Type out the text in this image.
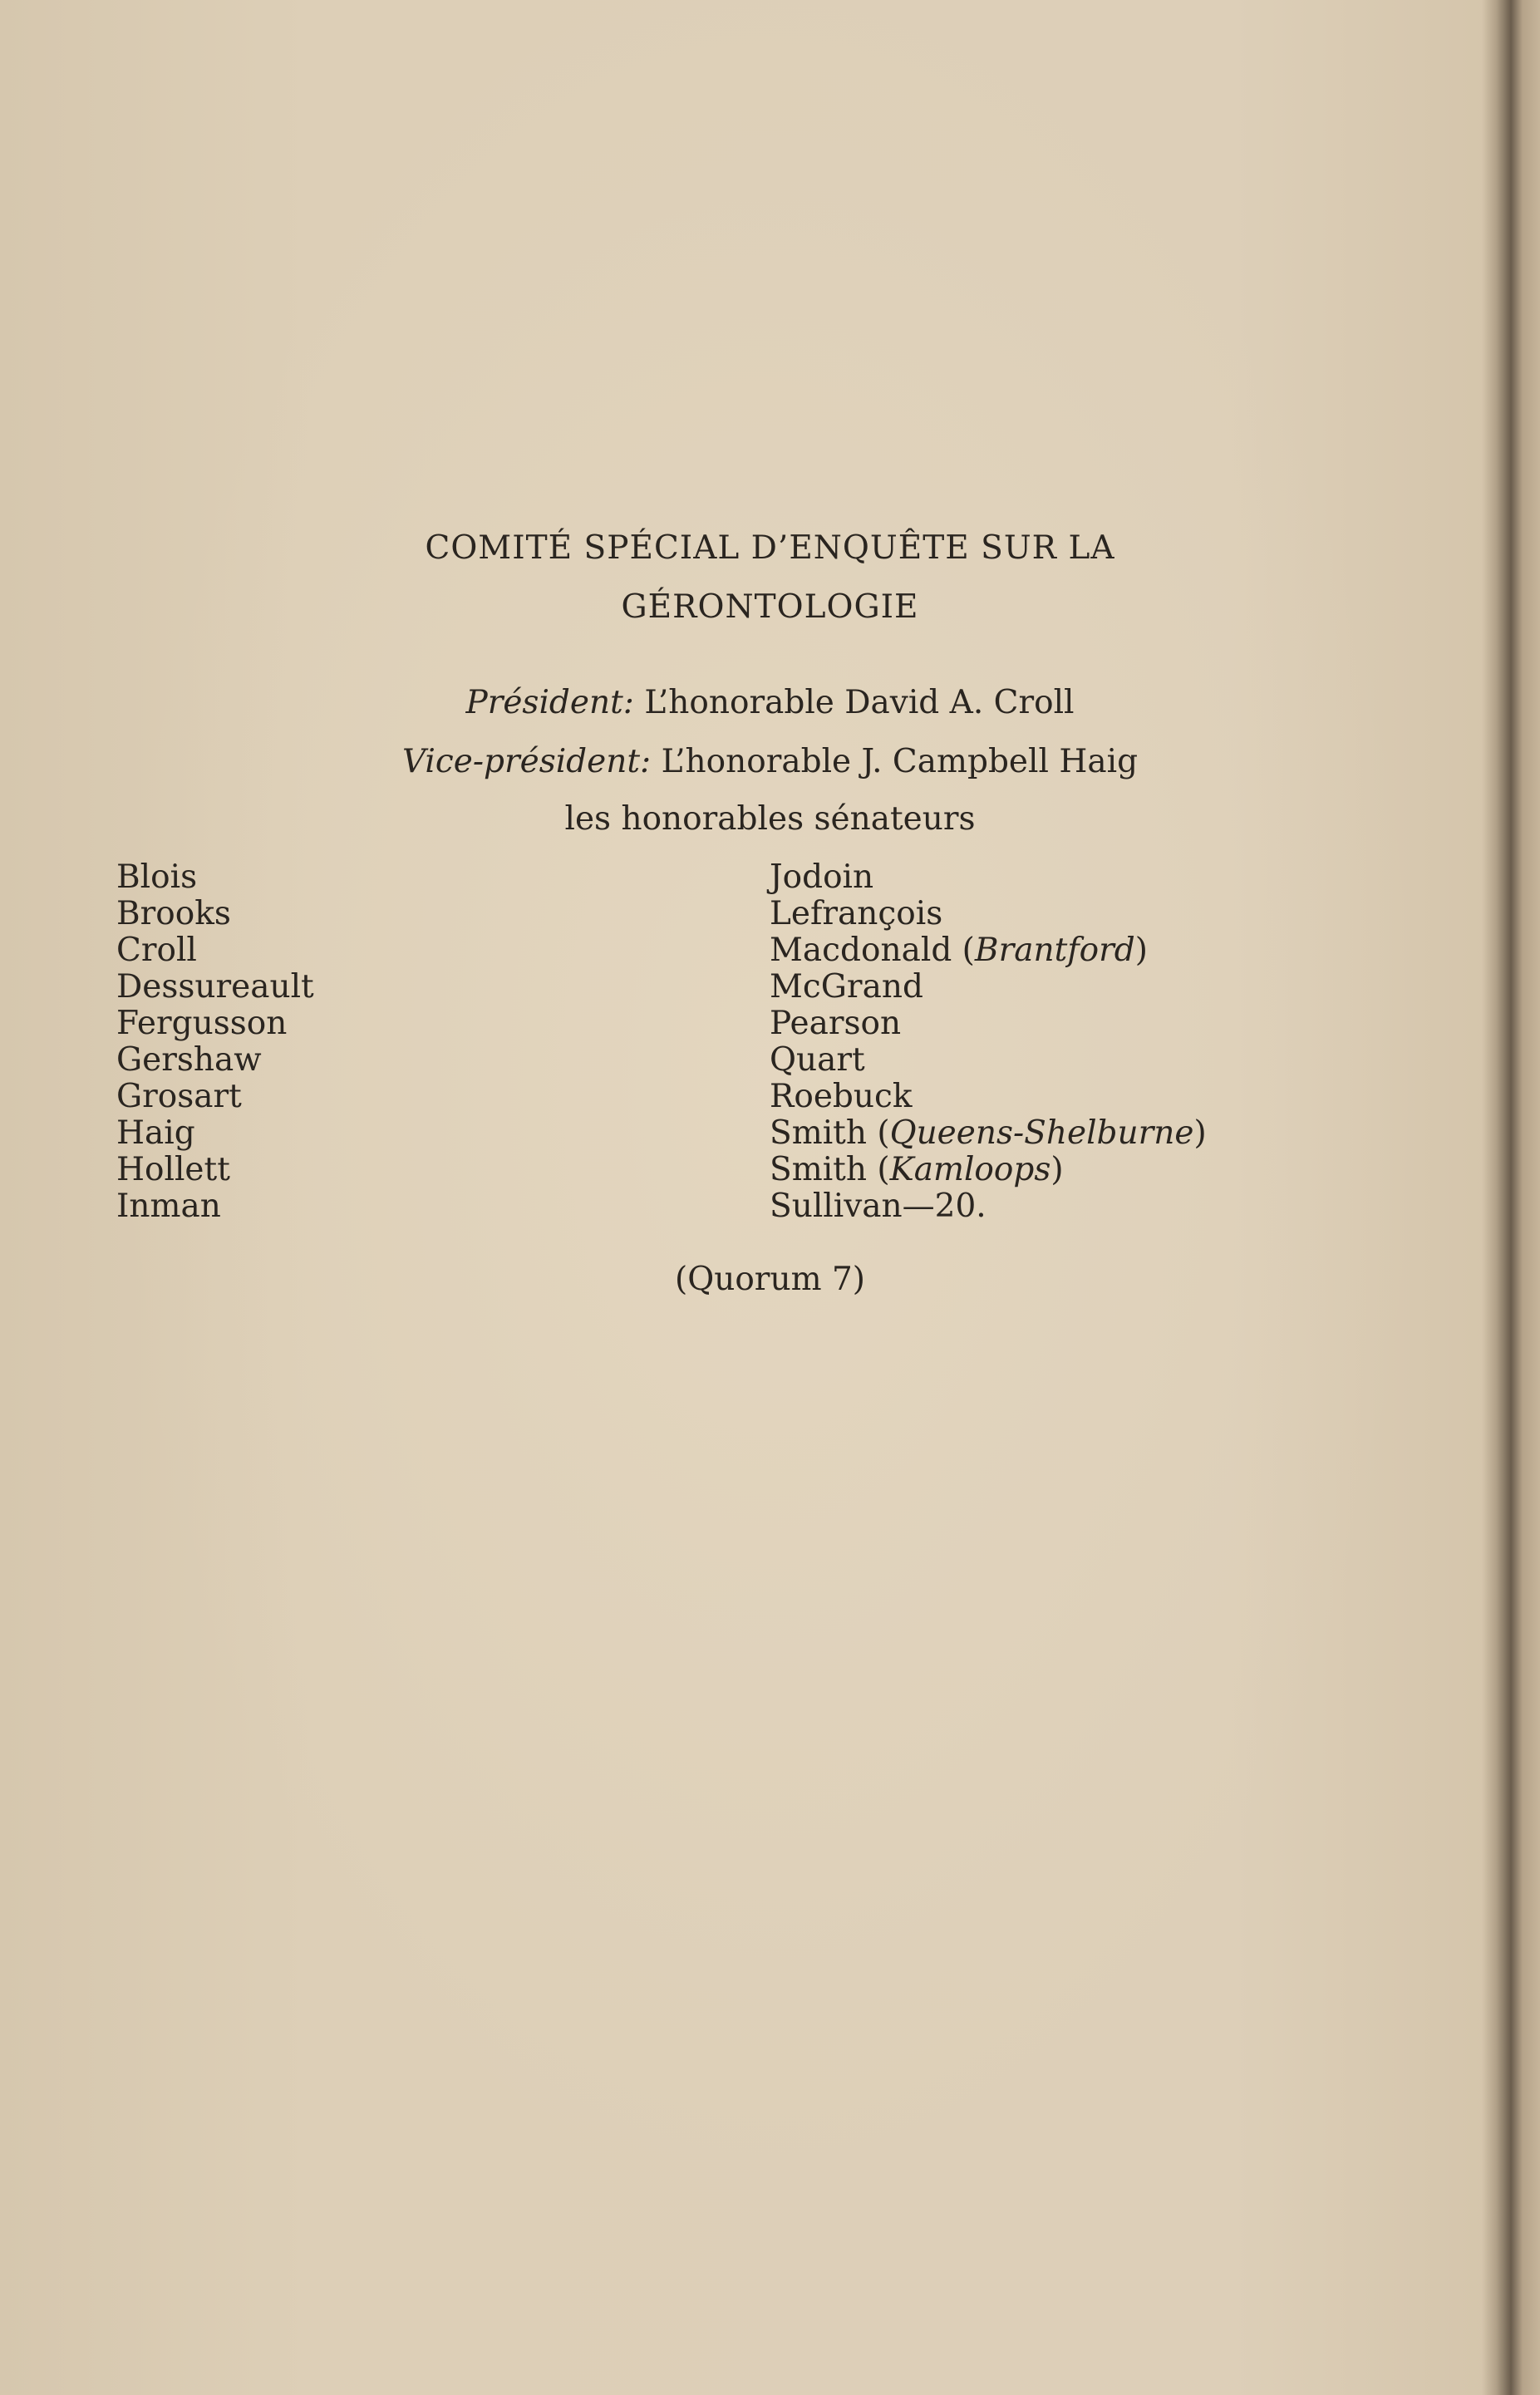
COMITÉ SPÉCIAL D’ENQUÊTE SUR LA
GÉRONTOLOGIE
Président: L’honorable David A. Croll
Vice-président: L’honorable J. Campbell Haig
les honorables sénateurs
Blois
Brooks
Croll
Dessureault
Fergusson
Gershaw
Grosart
Haig
Hollett
Inman
Jodoin
Lefrançois
Macdonald (Brantford)
McGrand
Pearson
Quart
Roebuck
Smith (Queens-Shelburne)
Smith (Kamloops)
Sullivan—20.
(Quorum 7)
